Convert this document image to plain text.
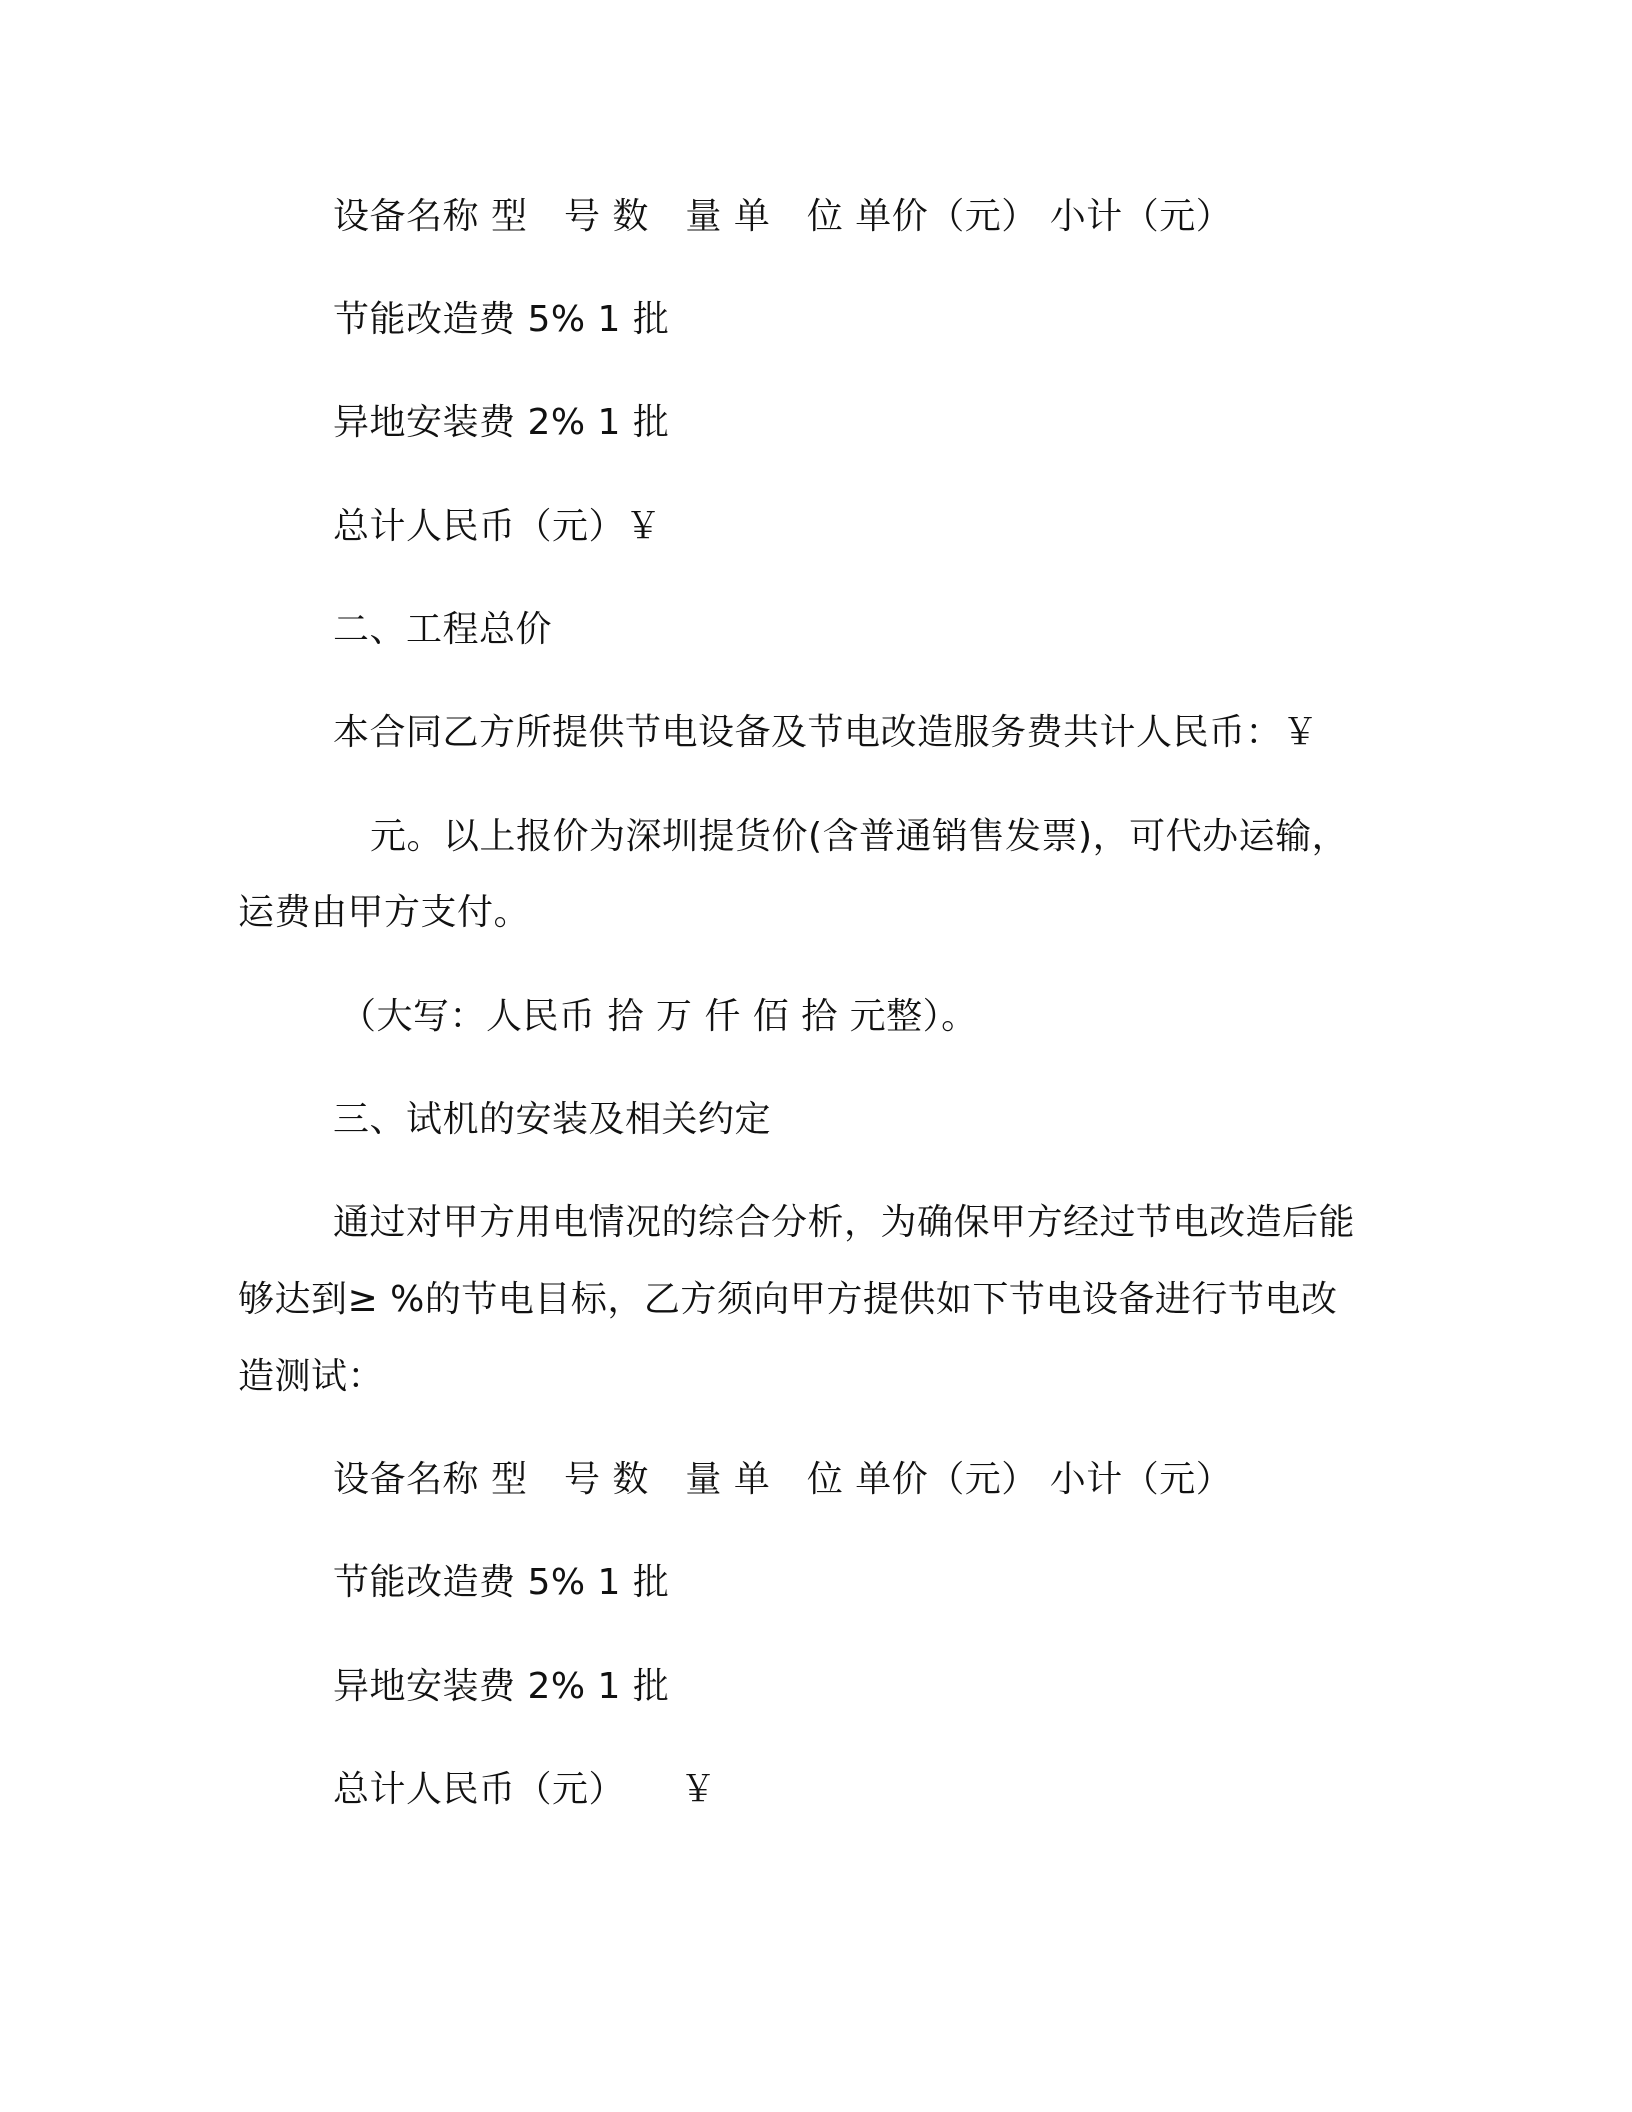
设备名称 型　号 数　量 单　位 单价（元） 小计（元）
节能改造费 5% 1 批
异地安装费 2% 1 批
总计人民币（元）￥
二、工程总价
本合同乙方所提供节电设备及节电改造服务费共计人民币：￥
元。以上报价为深圳提货价(含普通销售发票)，可代办运输，
运费由甲方支付。
（大写：人民币 拾 万 仟 佰 拾 元整）。
三、试机的安装及相关约定
通过对甲方用电情况的综合分析，为确保甲方经过节电改造后能
够达到≥ %的节电目标，乙方须向甲方提供如下节电设备进行节电改
造测试：
设备名称 型　号 数　量 单　位 单价（元） 小计（元）
节能改造费 5% 1 批
异地安装费 2% 1 批
总计人民币（元）　　￥
